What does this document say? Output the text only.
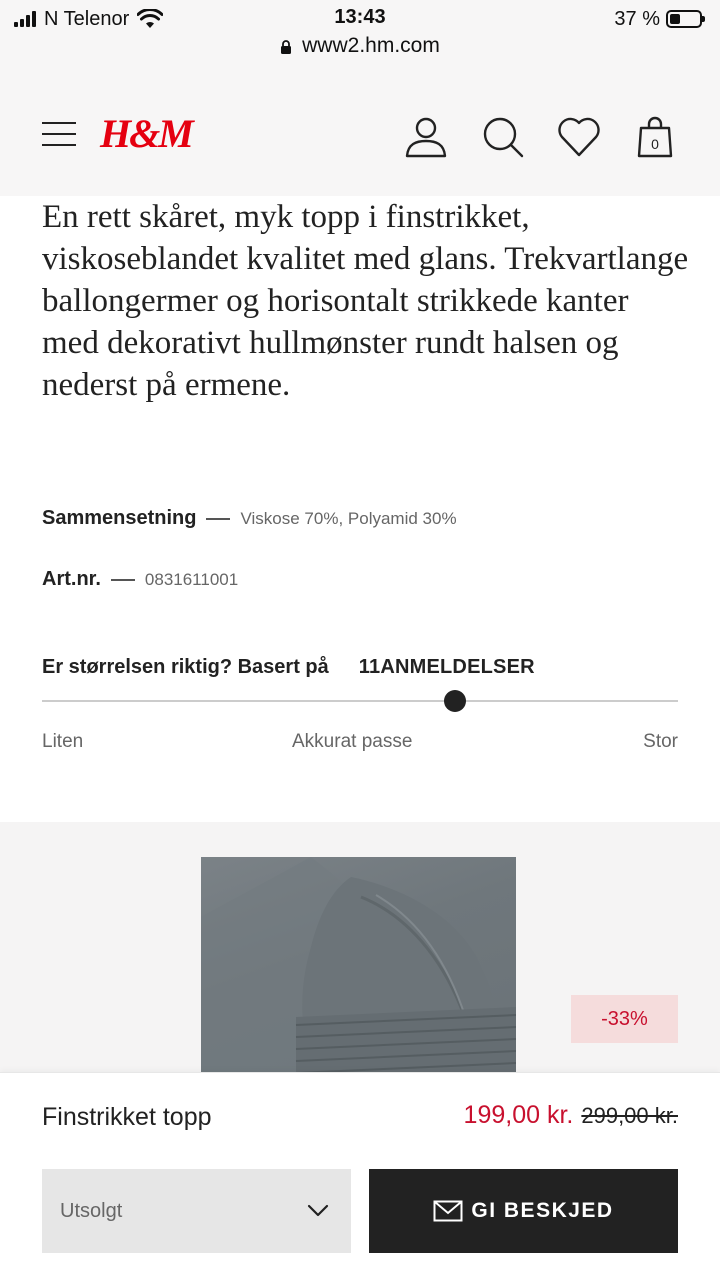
N Telenor	13:43	37 %
www2.hm.com
H&M	0

En rett skåret, myk topp i finstrikket, viskoseblandet kvalitet med glans. Trekvartlange ballongermer og horisontalt strikkede kanter med dekorativt hullmønster rundt halsen og nederst på ermene.

Sammensetning	Viskose 70%, Polyamid 30%
Art.nr.	0831611001
Er størrelsen riktig? Basert på 11ANMELDELSER
Liten	Akkurat passe	Stor
-33%
Finstrikket topp	199,00 kr. 299,00 kr.
Utsolgt	GI BESKJED
